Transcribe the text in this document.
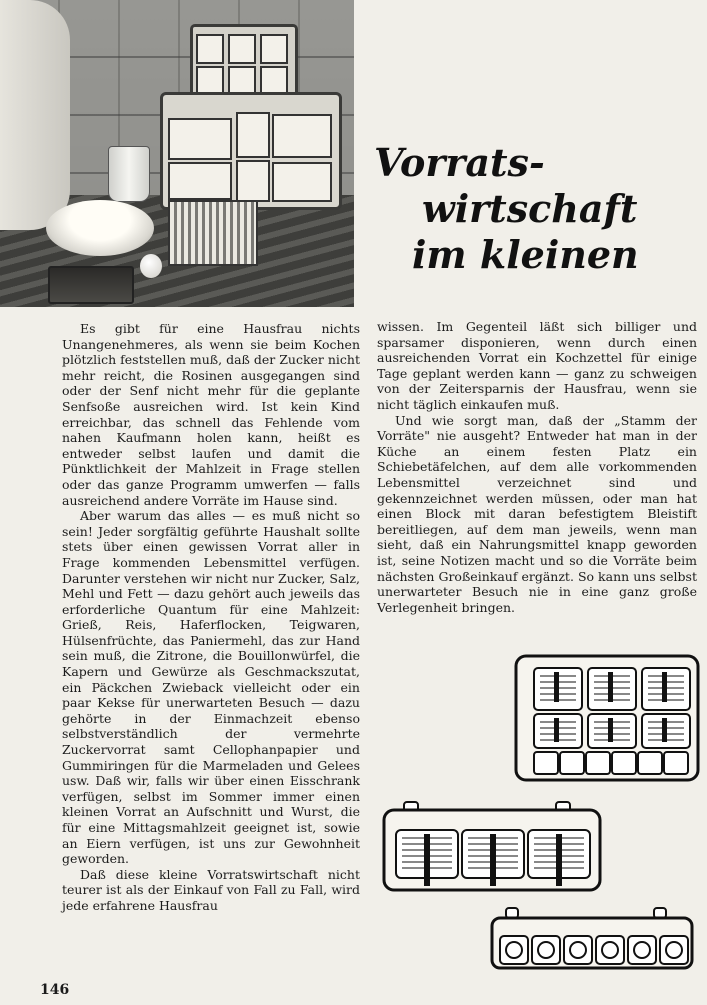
Vorrats-
wirtschaft
im kleinen

Es gibt für eine Hausfrau nichts Unangenehmeres, als wenn sie beim Kochen plötzlich feststellen muß, daß der Zucker nicht mehr reicht, die Rosinen ausgegangen sind oder der Senf nicht mehr für die geplante Senfsoße ausreichen wird. Ist kein Kind erreichbar, das schnell das Fehlende vom nahen Kaufmann holen kann, heißt es entweder selbst laufen und damit die Pünktlichkeit der Mahlzeit in Frage stellen oder das ganze Programm umwerfen — falls ausreichend andere Vorräte im Hause sind.

Aber warum das alles — es muß nicht so sein! Jeder sorgfältig geführte Haushalt sollte stets über einen gewissen Vorrat aller in Frage kommenden Lebensmittel verfügen. Darunter verstehen wir nicht nur Zucker, Salz, Mehl und Fett — dazu gehört auch jeweils das erforderliche Quantum für eine Mahlzeit: Grieß, Reis, Haferflocken, Teigwaren, Hülsenfrüchte, das Paniermehl, das zur Hand sein muß, die Zitrone, die Bouillonwürfel, die Kapern und Gewürze als Geschmackszutat, ein Päckchen Zwieback vielleicht oder ein paar Kekse für unerwarteten Besuch — dazu gehörte in der Einmachzeit ebenso selbstverständlich der vermehrte Zuckervorrat samt Cellophanpapier und Gummiringen für die Marmeladen und Gelees usw. Daß wir, falls wir über einen Eisschrank verfügen, selbst im Sommer immer einen kleinen Vorrat an Aufschnitt und Wurst, die für eine Mittagsmahlzeit geeignet ist, sowie an Eiern verfügen, ist uns zur Gewohnheit geworden.

Daß diese kleine Vorratswirtschaft nicht teurer ist als der Einkauf von Fall zu Fall, wird jede erfahrene Hausfrau

wissen. Im Gegenteil läßt sich billiger und sparsamer disponieren, wenn durch einen ausreichenden Vorrat ein Kochzettel für einige Tage geplant werden kann — ganz zu schweigen von der Zeitersparnis der Hausfrau, wenn sie nicht täglich einkaufen muß.

Und wie sorgt man, daß der „Stamm der Vorräte" nie ausgeht? Entweder hat man in der Küche an einem festen Platz ein Schiebetäfelchen, auf dem alle vorkommenden Lebensmittel verzeichnet sind und gekennzeichnet werden müssen, oder man hat einen Block mit daran befestigtem Bleistift bereitliegen, auf dem man jeweils, wenn man sieht, daß ein Nahrungsmittel knapp geworden ist, seine Notizen macht und so die Vorräte beim nächsten Großeinkauf ergänzt. So kann uns selbst unerwarteter Besuch nie in eine ganz große Verlegenheit bringen.

146
